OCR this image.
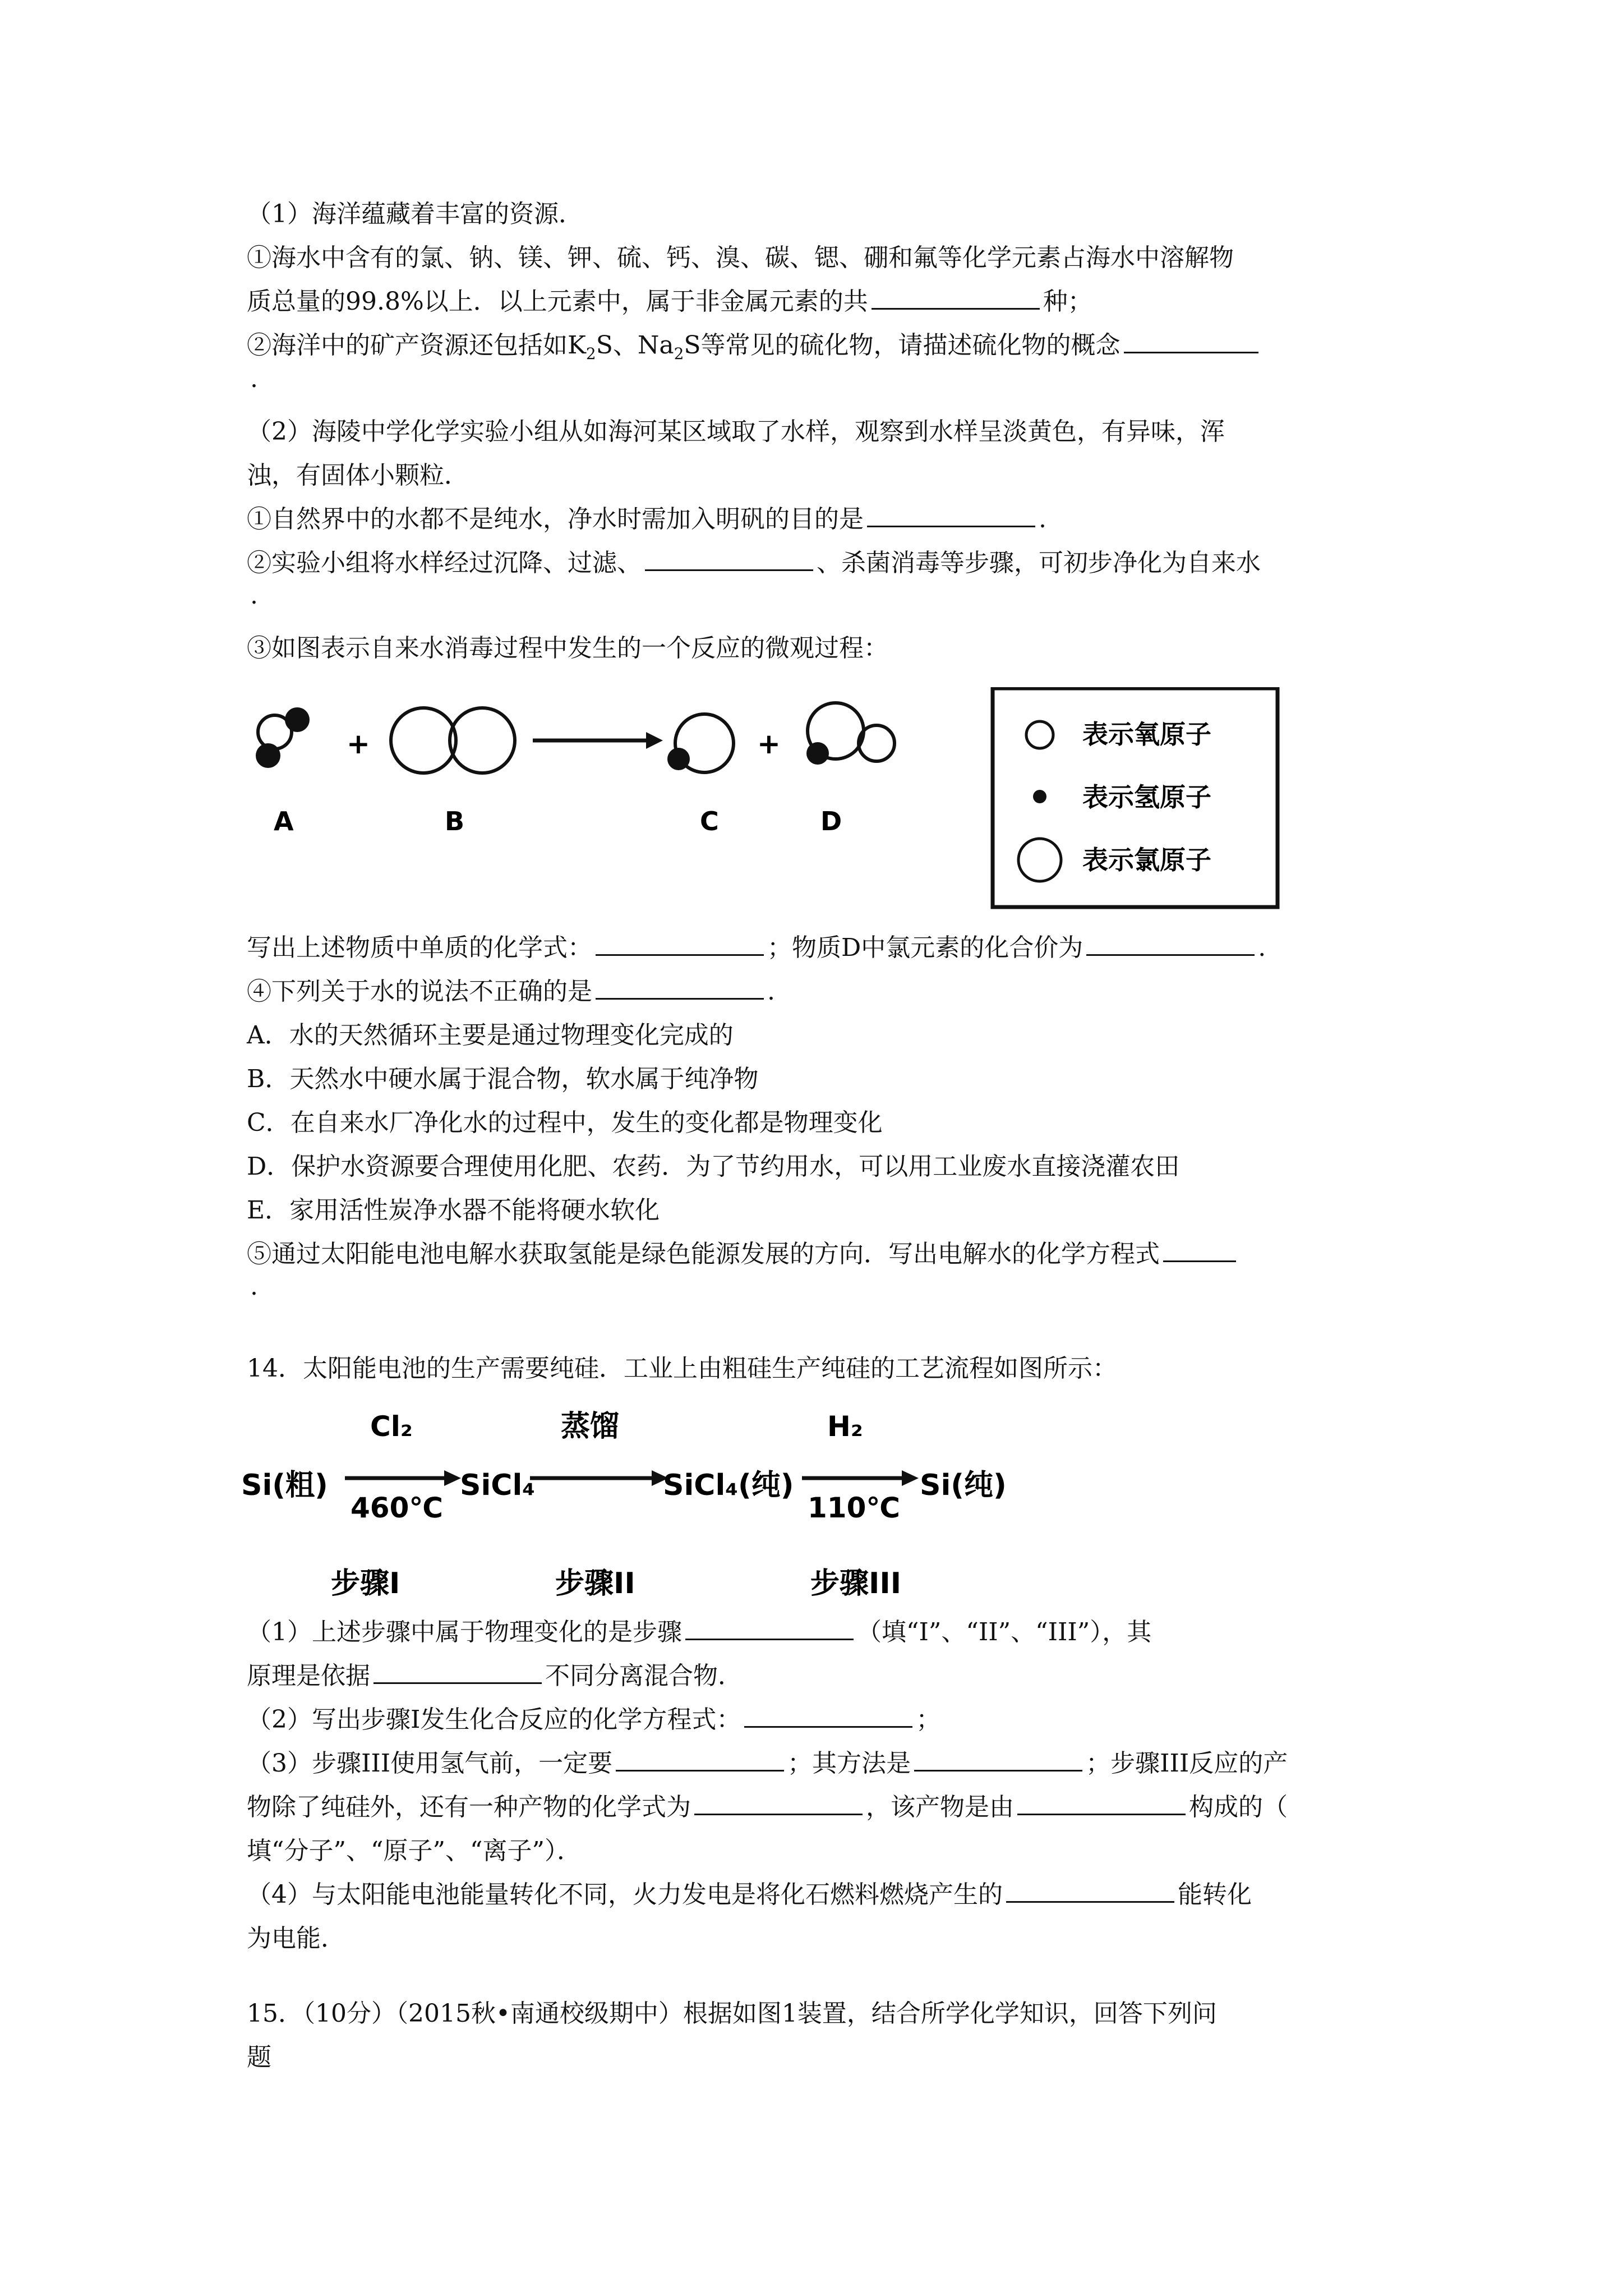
（1）海洋蕴藏着丰富的资源．

①海水中含有的氯、钠、镁、钾、硫、钙、溴、碳、锶、硼和氟等化学元素占海水中溶解物

质总量的99.8%以上．以上元素中，属于非金属元素的共	种；

②海洋中的矿产资源还包括如$K_2S$、$Na_2S$等常见的硫化物，请描述硫化物的概念

.

（2）海陵中学化学实验小组从如海河某区域取了水样，观察到水样呈淡黄色，有异味，浑

浊，有固体小颗粒．

①自然界中的水都不是纯水，净水时需加入明矾的目的是	.

②实验小组将水样经过沉降、过滤、	、杀菌消毒等步骤，可初步净化为自来水

.

③如图表示自来水消毒过程中发生的一个反应的微观过程：

+	+
A	B	C	D
表示氧原子
表示氢原子
表示氯原子

写出上述物质中单质的化学式：	；物质D中氯元素的化合价为	.

④下列关于水的说法不正确的是	.

A．水的天然循环主要是通过物理变化完成的

B．天然水中硬水属于混合物，软水属于纯净物

C．在自来水厂净化水的过程中，发生的变化都是物理变化

D．保护水资源要合理使用化肥、农药．为了节约用水，可以用工业废水直接浇灌农田

E．家用活性炭净水器不能将硬水软化

⑤通过太阳能电池电解水获取氢能是绿色能源发展的方向．写出电解水的化学方程式

.

14．太阳能电池的生产需要纯硅．工业上由粗硅生产纯硅的工艺流程如图所示：

Si(粗)
Cl₂
460℃
SiCl₄
蒸馏
SiCl₄(纯)
H₂
110℃
Si(纯)
步骤I	步骤II	步骤III

（1）上述步骤中属于物理变化的是步骤	（填“I”、“II”、“III”），其

原理是依据	不同分离混合物．

（2）写出步骤I发生化合反应的化学方程式：	；

（3）步骤III使用氢气前，一定要	；其方法是	；步骤III反应的产

物除了纯硅外，还有一种产物的化学式为	，该产物是由	构成的（

填“分子”、“原子”、“离子”）．

（4）与太阳能电池能量转化不同，火力发电是将化石燃料燃烧产生的	能转化

为电能．

15．（10分）（2015秋•南通校级期中）根据如图1装置，结合所学化学知识，回答下列问

题
